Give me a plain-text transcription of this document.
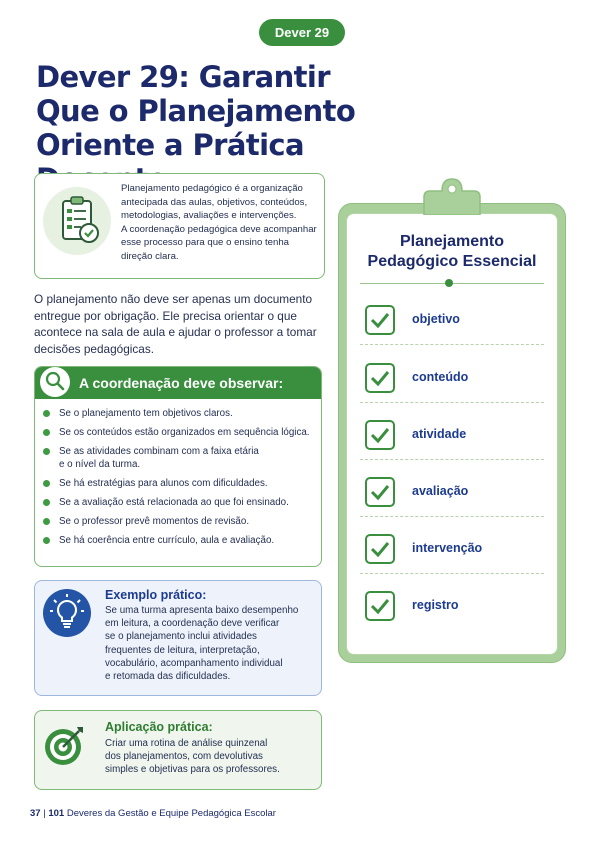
Dever 29
Dever 29: Garantir Que o Planejamento Oriente a Prática
Planejamento pedagógico é a organização
antecipada das aulas, objetivos, conteúdos,
metodologias, avaliações e intervenções.
A coordenação pedagógica deve acompanhar
esse processo para que o ensino tenha
direção clara.
O planejamento não deve ser apenas um documento
entregue por obrigação. Ele precisa orientar o que
acontece na sala de aula e ajudar o professor a tomar
decisões pedagógicas.
A coordenação deve observar:
Se o planejamento tem objetivos claros.
Se os conteúdos estão organizados em sequência lógica.
Se as atividades combinam com a faixa etária
e o nível da turma.
Se há estratégias para alunos com dificuldades.
Se a avaliação está relacionada ao que foi ensinado.
Se o professor prevê momentos de revisão.
Se há coerência entre currículo, aula e avaliação.
Exemplo prático:
Se uma turma apresenta baixo desempenho
em leitura, a coordenação deve verificar
se o planejamento inclui atividades
frequentes de leitura, interpretação,
vocabulário, acompanhamento individual
e retomada das dificuldades.
Aplicação prática:
Criar uma rotina de análise quinzenal
dos planejamentos, com devolutivas
simples e objetivas para os professores.
Planejamento
Pedagógico Essencial
objetivo
conteúdo
atividade
avaliação
intervenção
registro
37 | 101 Deveres da Gestão e Equipe Pedagógica Escolar
